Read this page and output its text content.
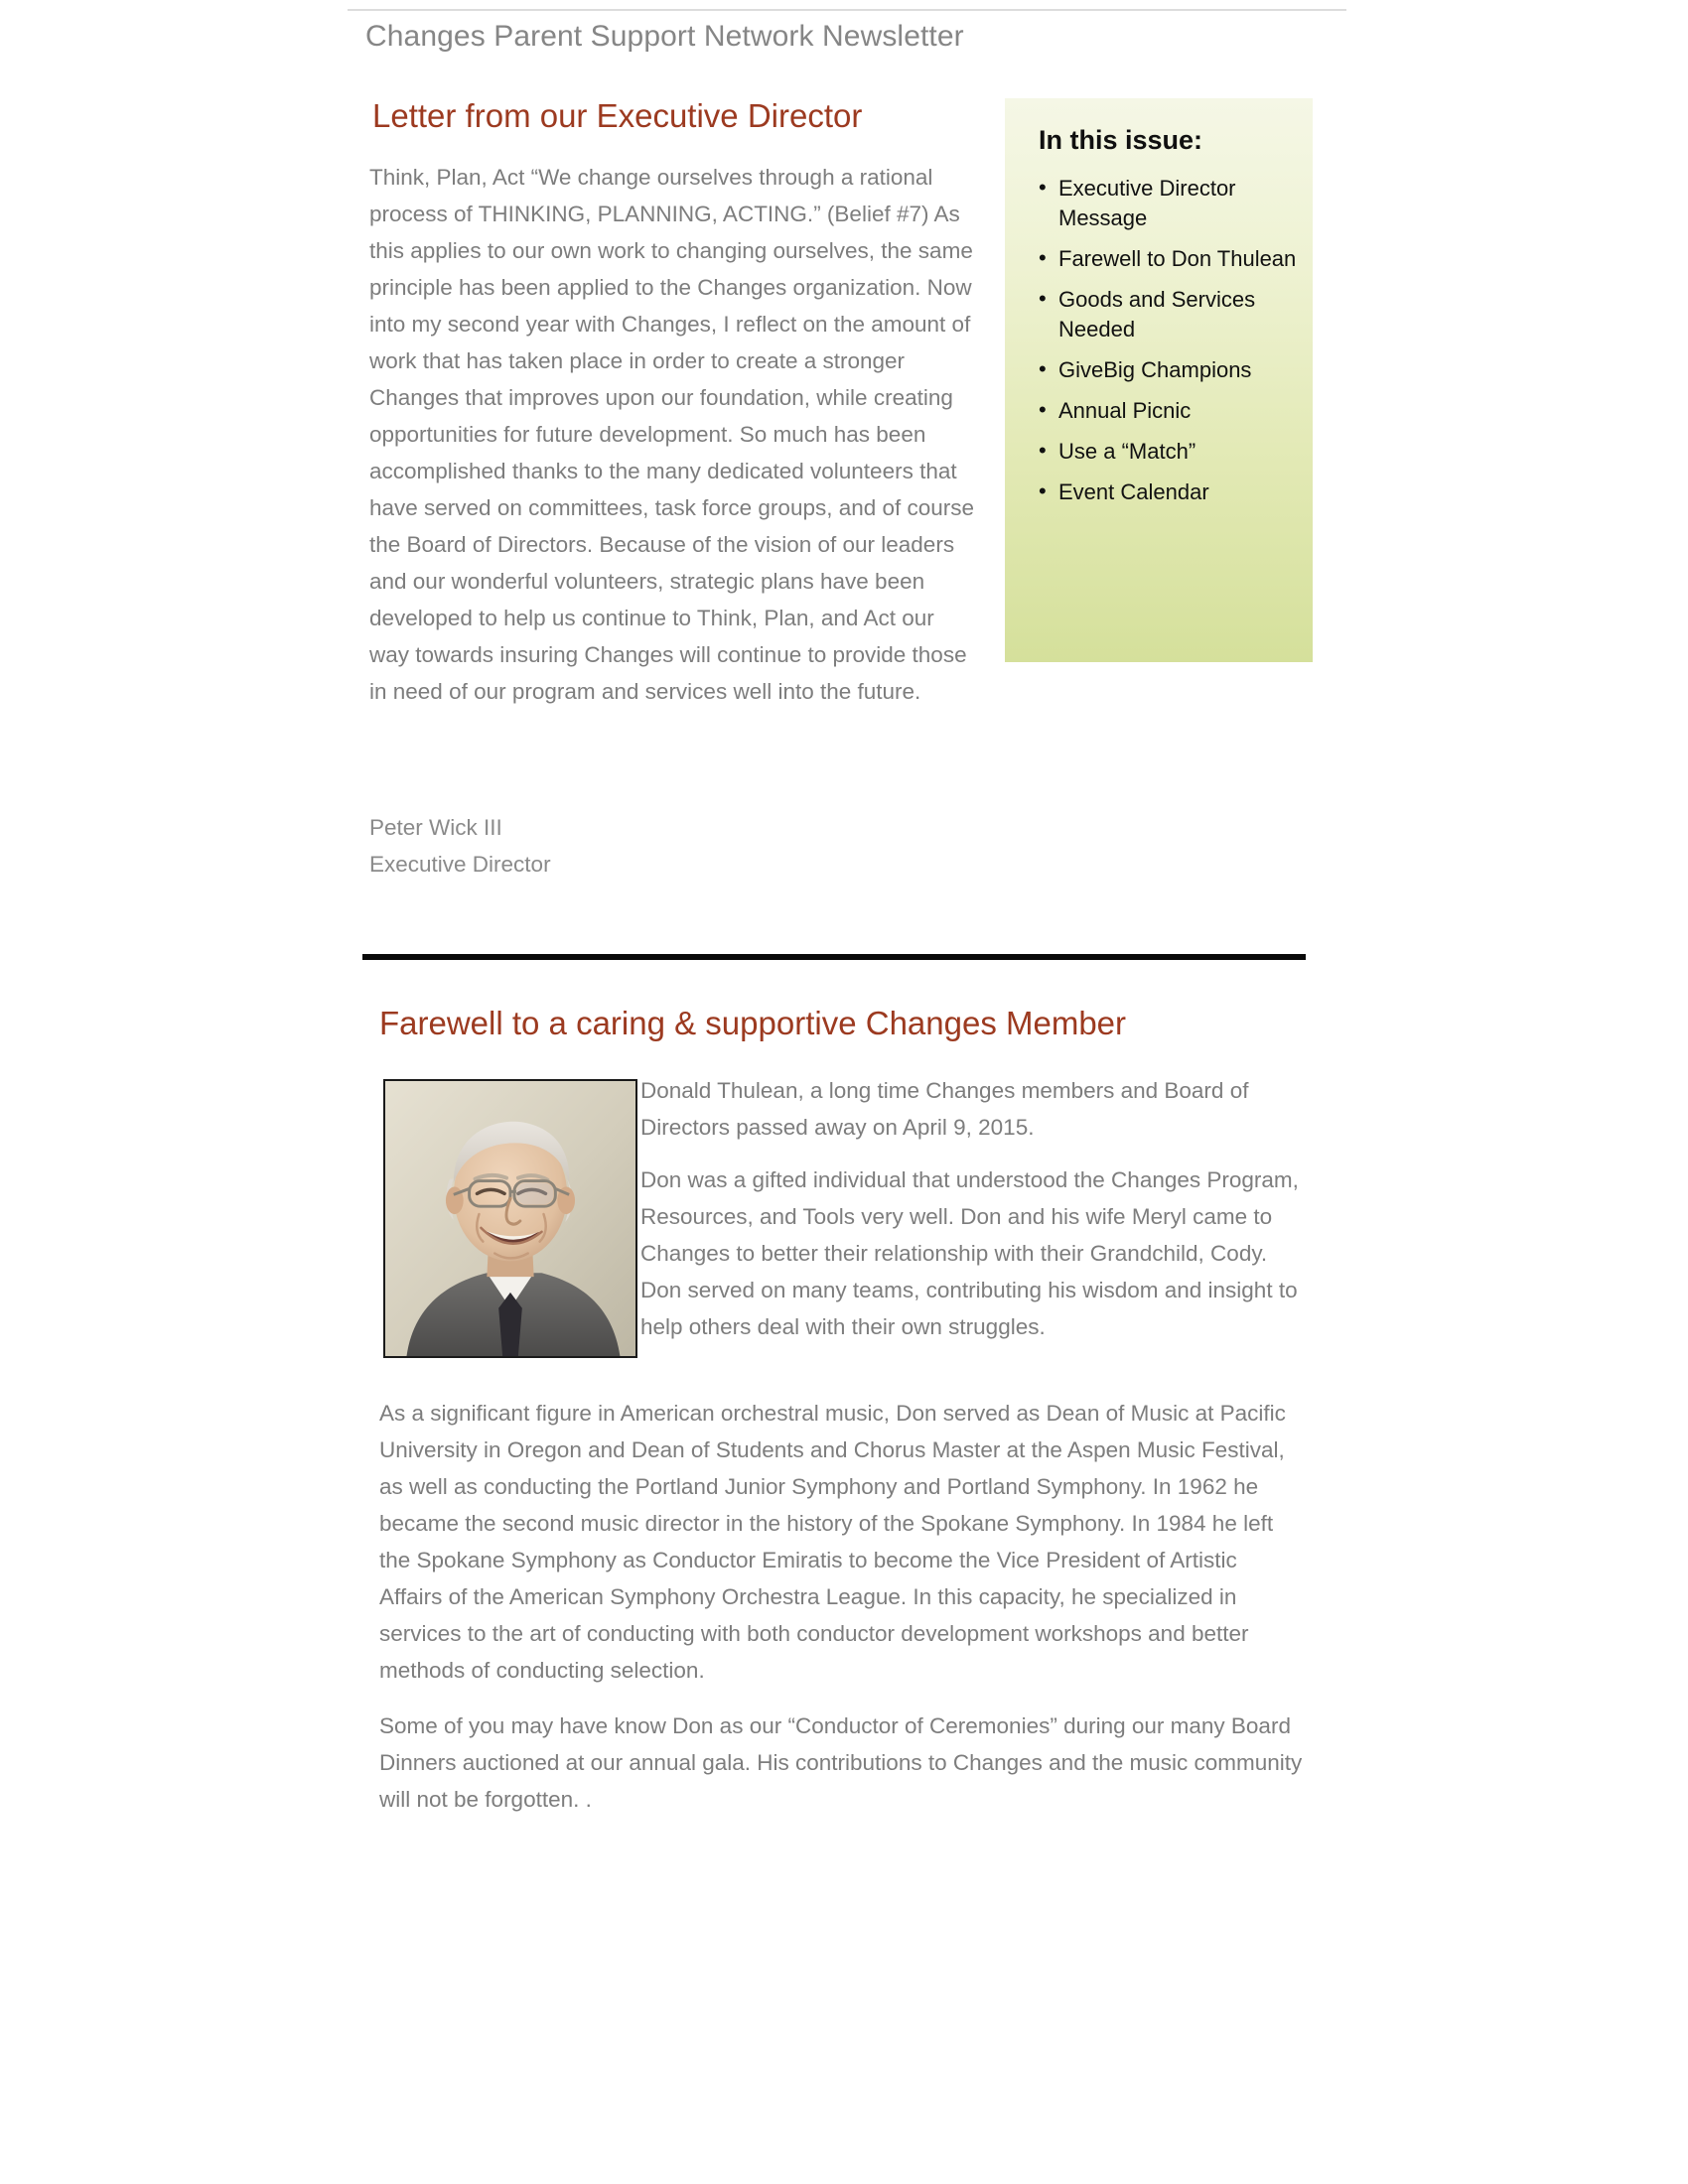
Changes Parent Support Network Newsletter
Letter from our Executive Director
In this issue:
• Executive Director Message
• Farewell to Don Thulean
• Goods and Services Needed
• GiveBig Champions
• Annual Picnic
• Use a “Match”
• Event Calendar
Think, Plan, Act “We change ourselves through a rational process of THINKING, PLANNING, ACTING.” (Belief #7) As this applies to our own work to changing ourselves, the same principle has been applied to the Changes organization. Now into my second year with Changes, I reflect on the amount of work that has taken place in order to create a stronger Changes that improves upon our foundation, while creating opportunities for future development. So much has been accomplished thanks to the many dedicated volunteers that have served on committees, task force groups, and of course the Board of Directors. Because of the vision of our leaders and our wonderful volunteers, strategic plans have been developed to help us continue to Think, Plan, and Act our way towards insuring Changes will continue to provide those in need of our program and services well into the future.
Peter Wick III
Executive Director
Farewell to a caring & supportive Changes Member

Donald Thulean, a long time Changes members and Board of Directors passed away on April 9, 2015.

Don was a gifted individual that understood the Changes Program, Resources, and Tools very well. Don and his wife Meryl came to Changes to better their relationship with their Grandchild, Cody. Don served on many teams, contributing his wisdom and insight to help others deal with their own struggles.

As a significant figure in American orchestral music, Don served as Dean of Music at Pacific University in Oregon and Dean of Students and Chorus Master at the Aspen Music Festival, as well as conducting the Portland Junior Symphony and Portland Symphony. In 1962 he became the second music director in the history of the Spokane Symphony. In 1984 he left the Spokane Symphony as Conductor Emiratis to become the Vice President of Artistic Affairs of the American Symphony Orchestra League. In this capacity, he specialized in services to the art of conducting with both conductor development workshops and better methods of conducting selection.

Some of you may have know Don as our “Conductor of Ceremonies” during our many Board Dinners auctioned at our annual gala. His contributions to Changes and the music community will not be forgotten. .
